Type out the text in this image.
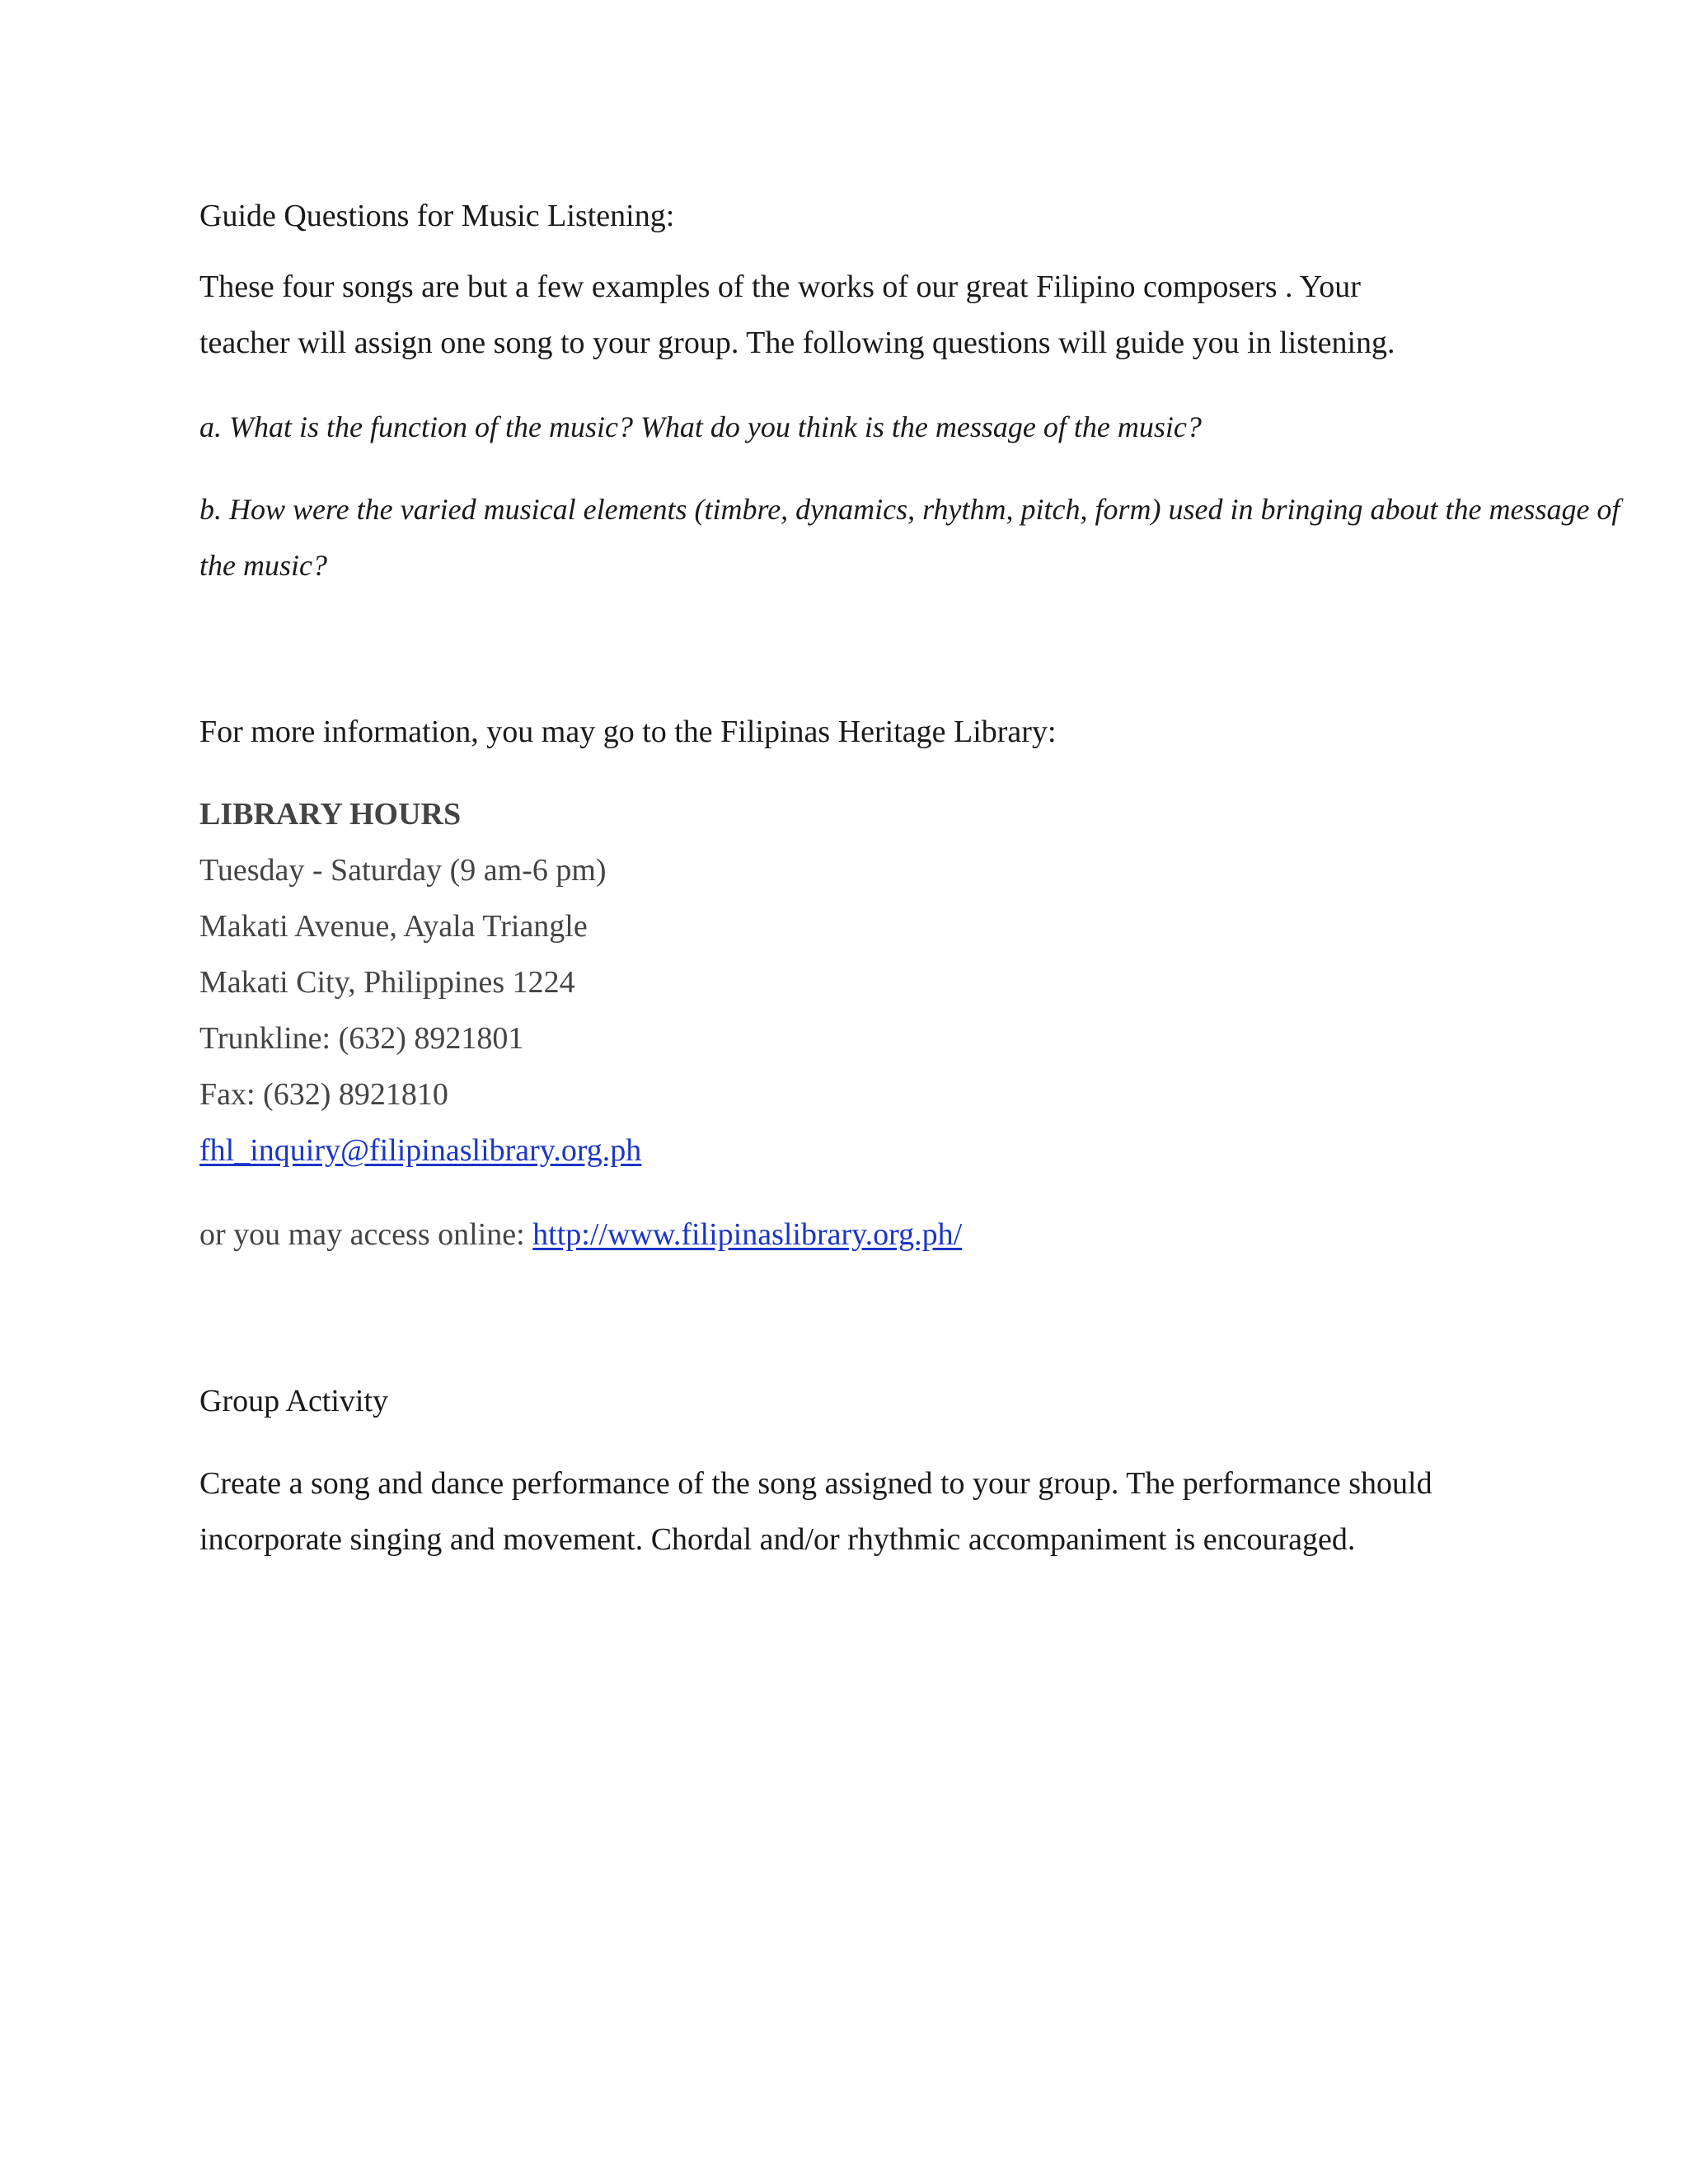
Guide Questions for Music Listening:
These four songs are but a few examples of the works of our great Filipino composers . Your
teacher will assign one song to your group. The following questions will guide you in listening.
a. What is the function of the music? What do you think is the message of the music?
b. How were the varied musical elements (timbre, dynamics, rhythm, pitch, form) used in bringing about the message of
the music?
For more information, you may go to the Filipinas Heritage Library:
LIBRARY HOURS
Tuesday - Saturday (9 am-6 pm)
Makati Avenue, Ayala Triangle
Makati City, Philippines 1224
Trunkline: (632) 8921801
Fax: (632) 8921810
fhl_inquiry@filipinaslibrary.org.ph
or you may access online: http://www.filipinaslibrary.org.ph/
Group Activity
Create a song and dance performance of the song assigned to your group. The performance should
incorporate singing and movement. Chordal and/or rhythmic accompaniment is encouraged.
